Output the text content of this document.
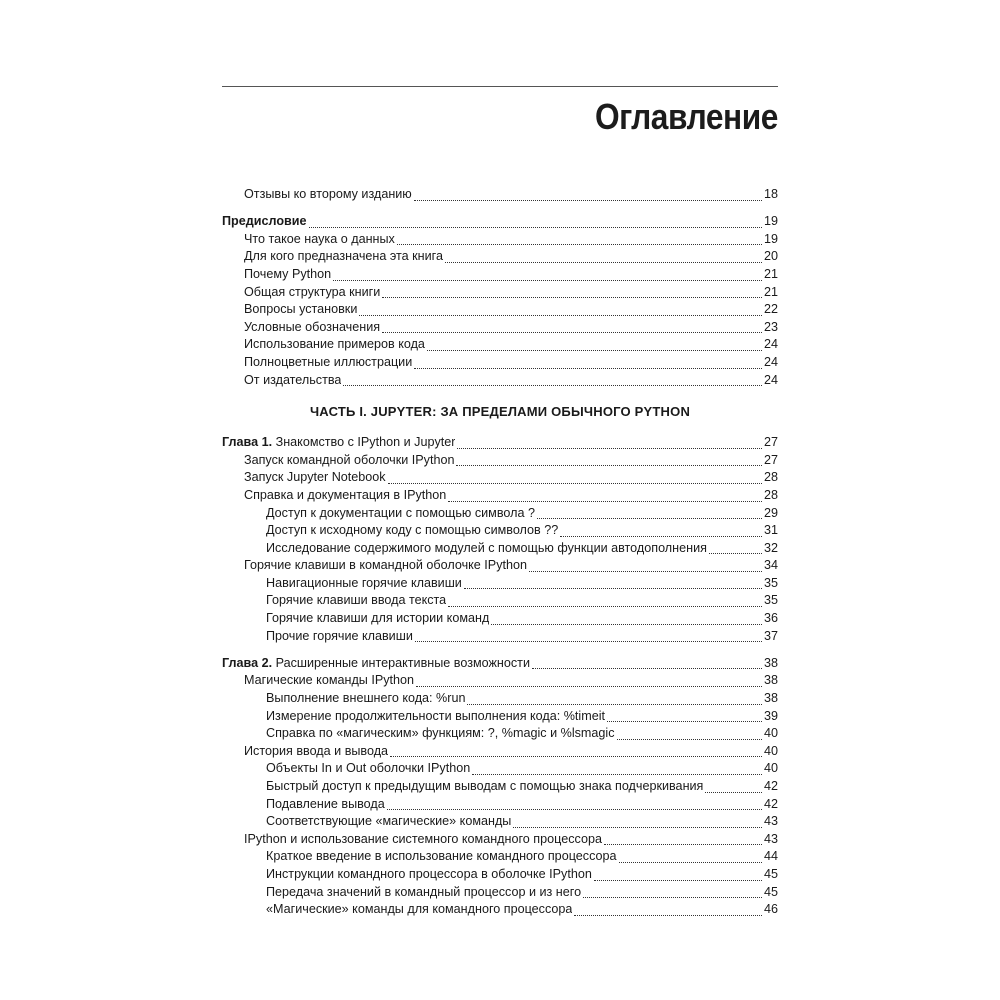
Оглавление
Отзывы ко второму изданию	18
Предисловие	19
Что такое наука о данных	19
Для кого предназначена эта книга	20
Почему Python	21
Общая структура книги	21
Вопросы установки	22
Условные обозначения	23
Использование примеров кода	24
Полноцветные иллюстрации	24
От издательства	24
ЧАСТЬ I. JUPYTER: ЗА ПРЕДЕЛАМИ ОБЫЧНОГО PYTHON
Глава 1. Знакомство с IPython и Jupyter	27
Запуск командной оболочки IPython	27
Запуск Jupyter Notebook	28
Справка и документация в IPython	28
Доступ к документации с помощью символа ?	29
Доступ к исходному коду с помощью символов ??	31
Исследование содержимого модулей с помощью функции автодополнения	32
Горячие клавиши в командной оболочке IPython	34
Навигационные горячие клавиши	35
Горячие клавиши ввода текста	35
Горячие клавиши для истории команд	36
Прочие горячие клавиши	37
Глава 2. Расширенные интерактивные возможности	38
Магические команды IPython	38
Выполнение внешнего кода: %run	38
Измерение продолжительности выполнения кода: %timeit	39
Справка по «магическим» функциям: ?, %magic и %lsmagic	40
История ввода и вывода	40
Объекты In и Out оболочки IPython	40
Быстрый доступ к предыдущим выводам с помощью знака подчеркивания	42
Подавление вывода	42
Соответствующие «магические» команды	43
IPython и использование системного командного процессора	43
Краткое введение в использование командного процессора	44
Инструкции командного процессора в оболочке IPython	45
Передача значений в командный процессор и из него	45
«Магические» команды для командного процессора	46
